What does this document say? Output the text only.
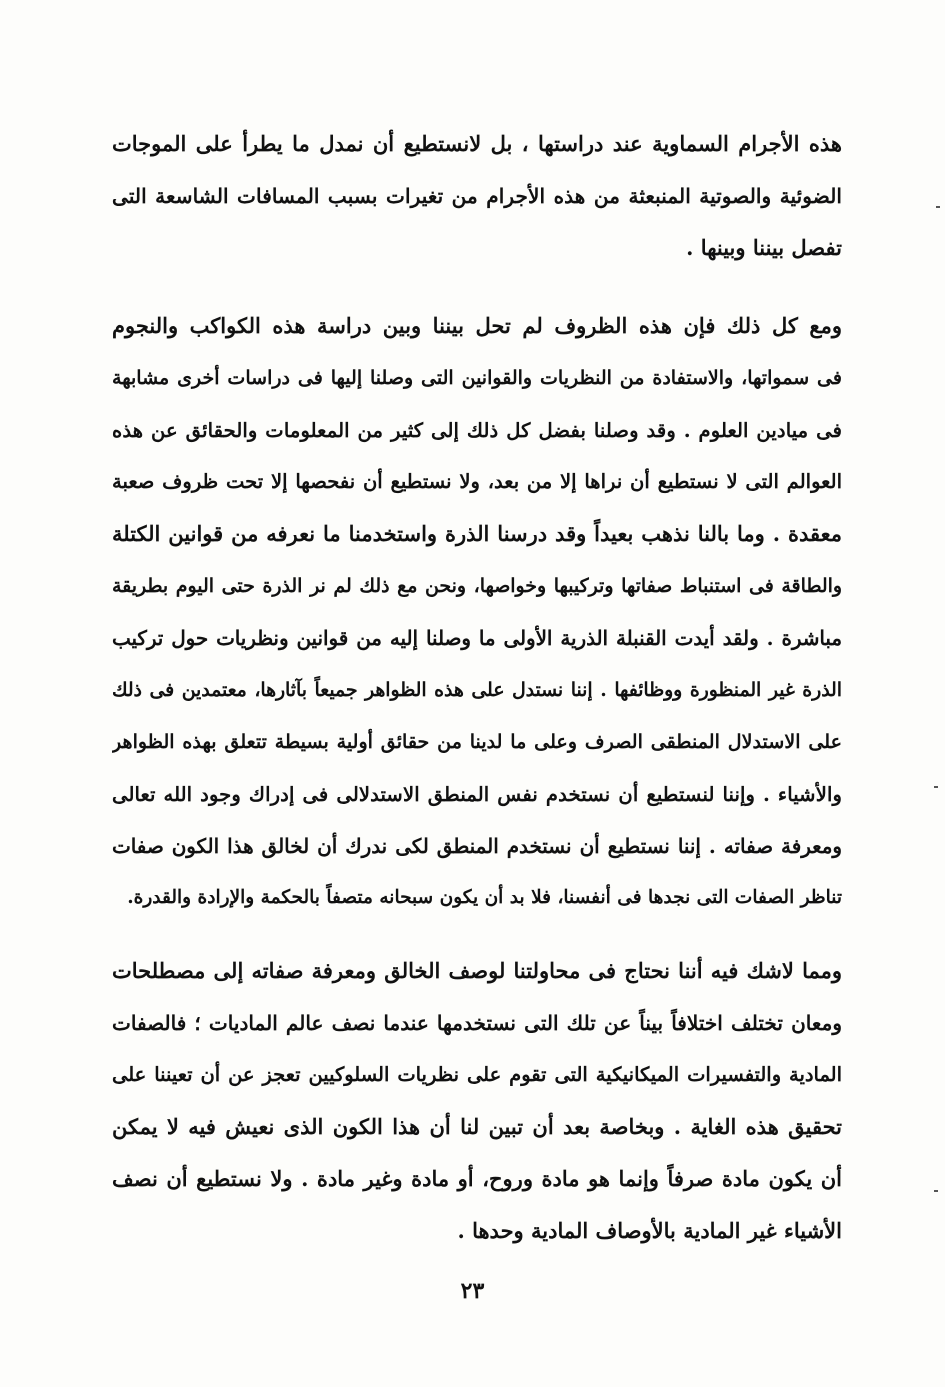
هذه الأجرام السماوية عند دراستها ، بل لانستطيع أن نمدل ما يطرأ على الموجات
الضوئية والصوتية المنبعثة من هذه الأجرام من تغيرات بسبب المسافات الشاسعة التى
تفصل بيننا وبينها .
ومع كل ذلك فإن هذه الظروف لم تحل بيننا وبين دراسة هذه الكواكب والنجوم
فى سمواتها، والاستفادة من النظريات والقوانين التى وصلنا إليها فى دراسات أخرى مشابهة
فى ميادين العلوم . وقد وصلنا بفضل كل ذلك إلى كثير من المعلومات والحقائق عن هذه
العوالم التى لا نستطيع أن نراها إلا من بعد، ولا نستطيع أن نفحصها إلا تحت ظروف صعبة
معقدة . وما بالنا نذهب بعيداً وقد درسنا الذرة واستخدمنا ما نعرفه من قوانين الكتلة
والطاقة فى استنباط صفاتها وتركيبها وخواصها، ونحن مع ذلك لم نر الذرة حتى اليوم بطريقة
مباشرة . ولقد أيدت القنبلة الذرية الأولى ما وصلنا إليه من قوانين ونظريات حول تركيب
الذرة غير المنظورة ووظائفها . إننا نستدل على هذه الظواهر جميعاً بآثارها، معتمدين فى ذلك
على الاستدلال المنطقى الصرف وعلى ما لدينا من حقائق أولية بسيطة تتعلق بهذه الظواهر
والأشياء . وإننا لنستطيع أن نستخدم نفس المنطق الاستدلالى فى إدراك وجود الله تعالى
ومعرفة صفاته . إننا نستطيع أن نستخدم المنطق لكى ندرك أن لخالق هذا الكون صفات
تناظر الصفات التى نجدها فى أنفسنا، فلا بد أن يكون سبحانه متصفاً بالحكمة والإرادة والقدرة.
ومما لاشك فيه أننا نحتاج فى محاولتنا لوصف الخالق ومعرفة صفاته إلى مصطلحات
ومعان تختلف اختلافاً بيناً عن تلك التى نستخدمها عندما نصف عالم الماديات ؛ فالصفات
المادية والتفسيرات الميكانيكية التى تقوم على نظريات السلوكيين تعجز عن أن تعيننا على
تحقيق هذه الغاية . وبخاصة بعد أن تبين لنا أن هذا الكون الذى نعيش فيه لا يمكن
أن يكون مادة صرفاً وإنما هو مادة وروح، أو مادة وغير مادة . ولا نستطيع أن نصف
الأشياء غير المادية بالأوصاف المادية وحدها .
٢٣
